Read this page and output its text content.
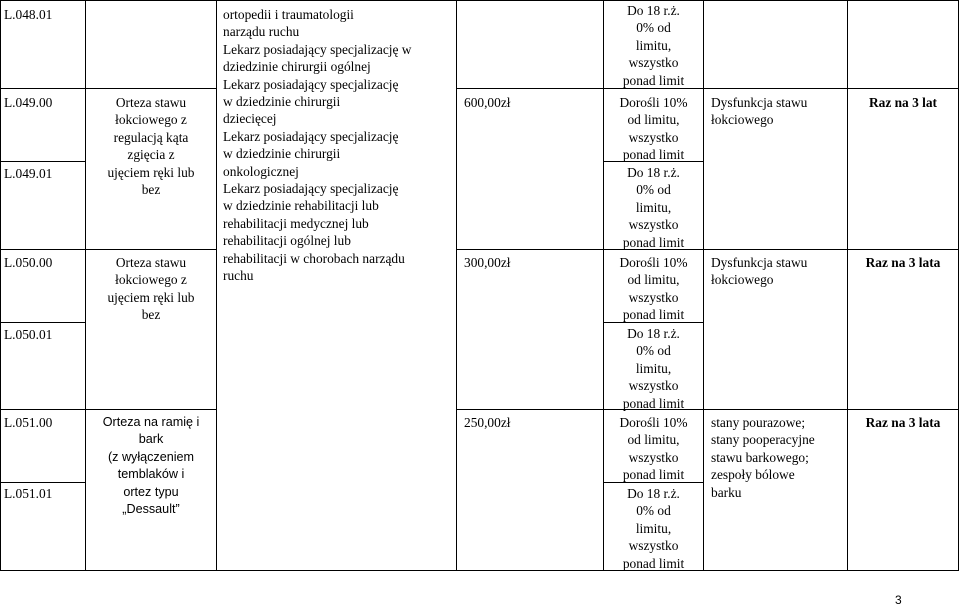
L.048.01
L.049.00
L.049.01
L.050.00
L.050.01
L.051.00
L.051.01
Orteza stawu
łokciowego z
regulacją kąta
zgięcia z
ujęciem ręki lub
bez
Orteza stawu
łokciowego z
ujęciem ręki lub
bez
Orteza na ramię i
bark
(z wyłączeniem
temblaków i
ortez typu
„Dessault”
ortopedii i traumatologii
narządu ruchu
Lekarz posiadający specjalizację w
dziedzinie chirurgii ogólnej
Lekarz posiadający specjalizację
w dziedzinie chirurgii
dziecięcej
Lekarz posiadający specjalizację
w dziedzinie chirurgii
onkologicznej
Lekarz posiadający specjalizację
w dziedzinie rehabilitacji lub
rehabilitacji medycznej lub
rehabilitacji ogólnej lub
rehabilitacji w chorobach narządu
ruchu
600,00zł
300,00zł
250,00zł
Do 18 r.ż.
0% od
limitu,
wszystko
ponad limit
Dorośli 10%
od limitu,
wszystko
ponad limit
Do 18 r.ż.
0% od
limitu,
wszystko
ponad limit
Dorośli 10%
od limitu,
wszystko
ponad limit
Do 18 r.ż.
0% od
limitu,
wszystko
ponad limit
Dorośli 10%
od limitu,
wszystko
ponad limit
Do 18 r.ż.
0% od
limitu,
wszystko
ponad limit
Dysfunkcja stawu
łokciowego
Dysfunkcja stawu
łokciowego
stany pourazowe;
stany pooperacyjne
stawu barkowego;
zespoły bólowe
barku
Raz na 3 lat
Raz na 3 lata
Raz na 3 lata
3
